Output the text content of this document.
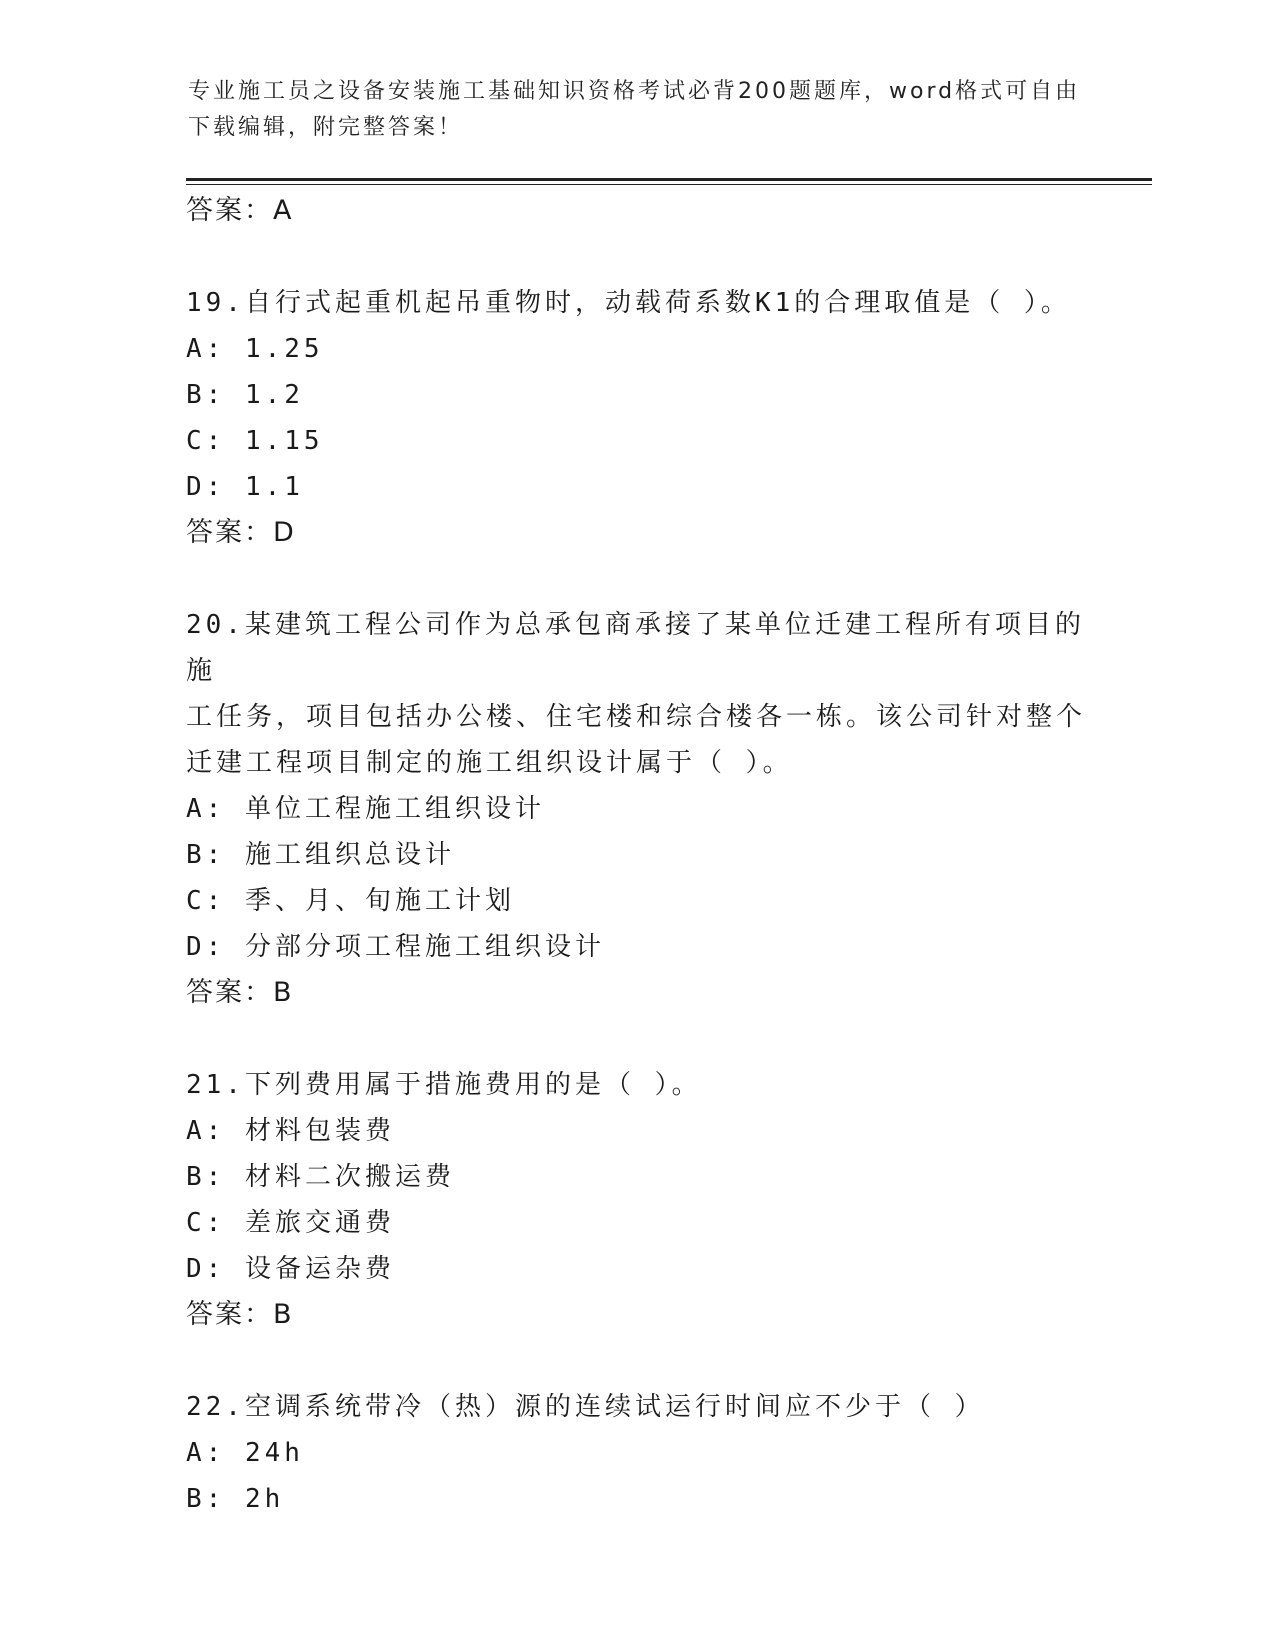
专业施工员之设备安装施工基础知识资格考试必背200题题库，word格式可自由
下载编辑，附完整答案！

答案：A

19.自行式起重机起吊重物时，动载荷系数K1的合理取值是（ ）。

A: 1.25

B: 1.2

C: 1.15

D: 1.1

答案：D

20.某建筑工程公司作为总承包商承接了某单位迁建工程所有项目的施

工任务，项目包括办公楼、住宅楼和综合楼各一栋。该公司针对整个

迁建工程项目制定的施工组织设计属于（ ）。

A: 单位工程施工组织设计

B: 施工组织总设计

C: 季、月、旬施工计划

D: 分部分项工程施工组织设计

答案：B

21.下列费用属于措施费用的是（ ）。

A: 材料包装费

B: 材料二次搬运费

C: 差旅交通费

D: 设备运杂费

答案：B

22.空调系统带冷（热）源的连续试运行时间应不少于（ ）

A: 24h

B: 2h
